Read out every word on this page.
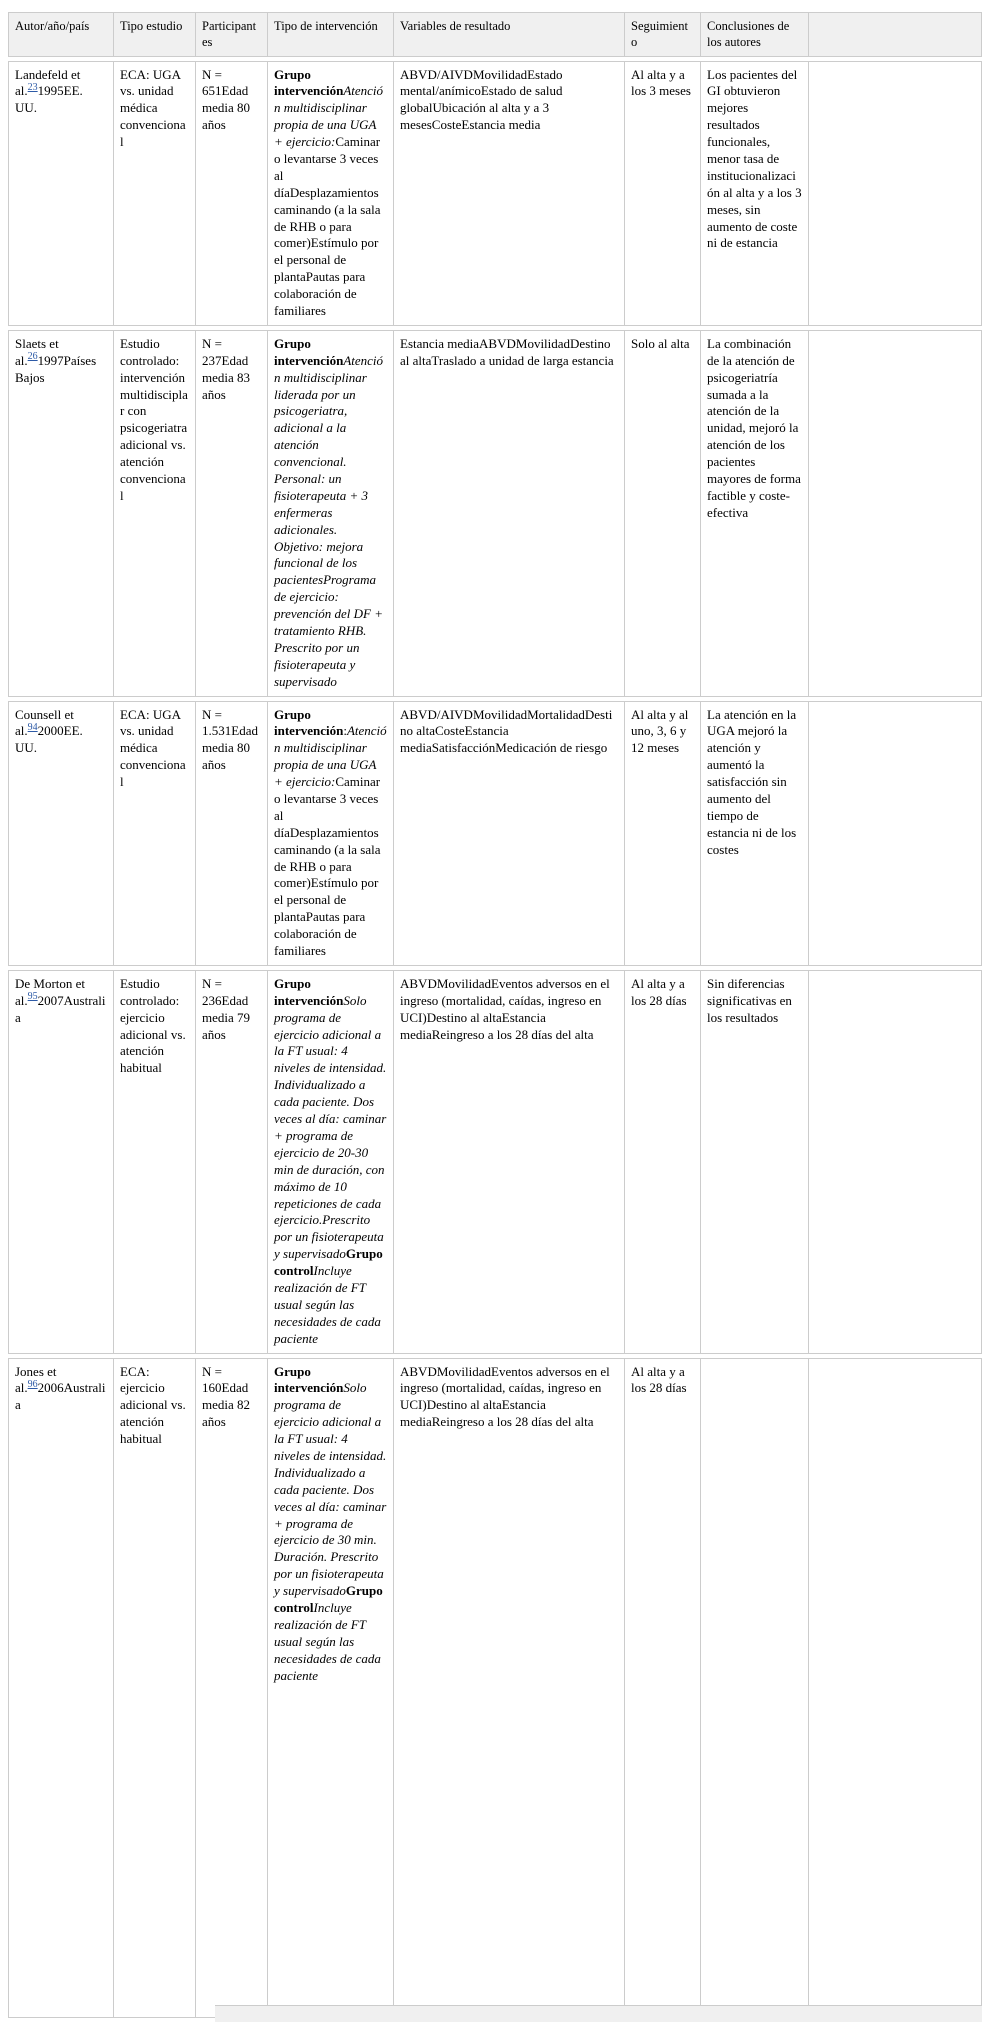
Autor/año/país	Tipo estudio	Participantes	Tipo de intervención	Variables de resultado	Seguimiento	Conclusiones de los autores	
Landefeld et al.$^{23}$1995EE. UU.	ECA: UGA vs. unidad médica convencional	N = 651Edad media 80 años	Grupo intervenciónAtención multidisciplinar propia de una UGA + ejercicio:Caminar o levantarse 3 veces al díaDesplazamientos caminando (a la sala de RHB o para comer)Estímulo por el personal de plantaPautas para colaboración de familiares	ABVD/AIVDMovilidadEstado mental/anímicoEstado de salud globalUbicación al alta y a 3 mesesCosteEstancia media	Al alta y a los 3 meses	Los pacientes del GI obtuvieron mejores resultados funcionales, menor tasa de institucionalización al alta y a los 3 meses, sin aumento de coste ni de estancia	
Slaets et al.$^{26}$1997Países Bajos	Estudio controlado: intervención multidisciplar con psicogeriatra adicional vs. atención convencional	N = 237Edad media 83 años	Grupo intervenciónAtención multidisciplinar liderada por un psicogeriatra, adicional a la atención convencional. Personal: un fisioterapeuta + 3 enfermeras adicionales. Objetivo: mejora funcional de los pacientesPrograma de ejercicio: prevención del DF + tratamiento RHB. Prescrito por un fisioterapeuta y supervisado	Estancia mediaABVDMovilidadDestino al altaTraslado a unidad de larga estancia	Solo al alta	La combinación de la atención de psicogeriatría sumada a la atención de la unidad, mejoró la atención de los pacientes mayores de forma factible y coste-efectiva	
Counsell et al.$^{94}$2000EE. UU.	ECA: UGA vs. unidad médica convencional	N = 1.531Edad media 80 años	Grupo intervención:Atención multidisciplinar propia de una UGA + ejercicio:Caminar o levantarse 3 veces al díaDesplazamientos caminando (a la sala de RHB o para comer)Estímulo por el personal de plantaPautas para colaboración de familiares	ABVD/AIVDMovilidadMortalidadDestino altaCosteEstancia mediaSatisfacciónMedicación de riesgo	Al alta y al uno, 3, 6 y 12 meses	La atención en la UGA mejoró la atención y aumentó la satisfacción sin aumento del tiempo de estancia ni de los costes	
De Morton et al.$^{95}$2007Australia	Estudio controlado: ejercicio adicional vs. atención habitual	N = 236Edad media 79 años	Grupo intervenciónSolo programa de ejercicio adicional a la FT usual: 4 niveles de intensidad. Individualizado a cada paciente. Dos veces al día: caminar + programa de ejercicio de 20-30 min de duración, con máximo de 10 repeticiones de cada ejercicio.Prescrito por un fisioterapeuta y supervisadoGrupo controlIncluye realización de FT usual según las necesidades de cada paciente	ABVDMovilidadEventos adversos en el ingreso (mortalidad, caídas, ingreso en UCI)Destino al altaEstancia mediaReingreso a los 28 días del alta	Al alta y a los 28 días	Sin diferencias significativas en los resultados	
Jones et al.$^{96}$2006Australia	ECA: ejercicio adicional vs. atención habitual	N = 160Edad media 82 años	Grupo intervenciónSolo programa de ejercicio adicional a la FT usual: 4 niveles de intensidad. Individualizado a cada paciente. Dos veces al día: caminar + programa de ejercicio de 30 min. Duración. Prescrito por un fisioterapeuta y supervisadoGrupo controlIncluye realización de FT usual según las necesidades de cada paciente	ABVDMovilidadEventos adversos en el ingreso (mortalidad, caídas, ingreso en UCI)Destino al altaEstancia mediaReingreso a los 28 días del alta	Al alta y a los 28 días		
